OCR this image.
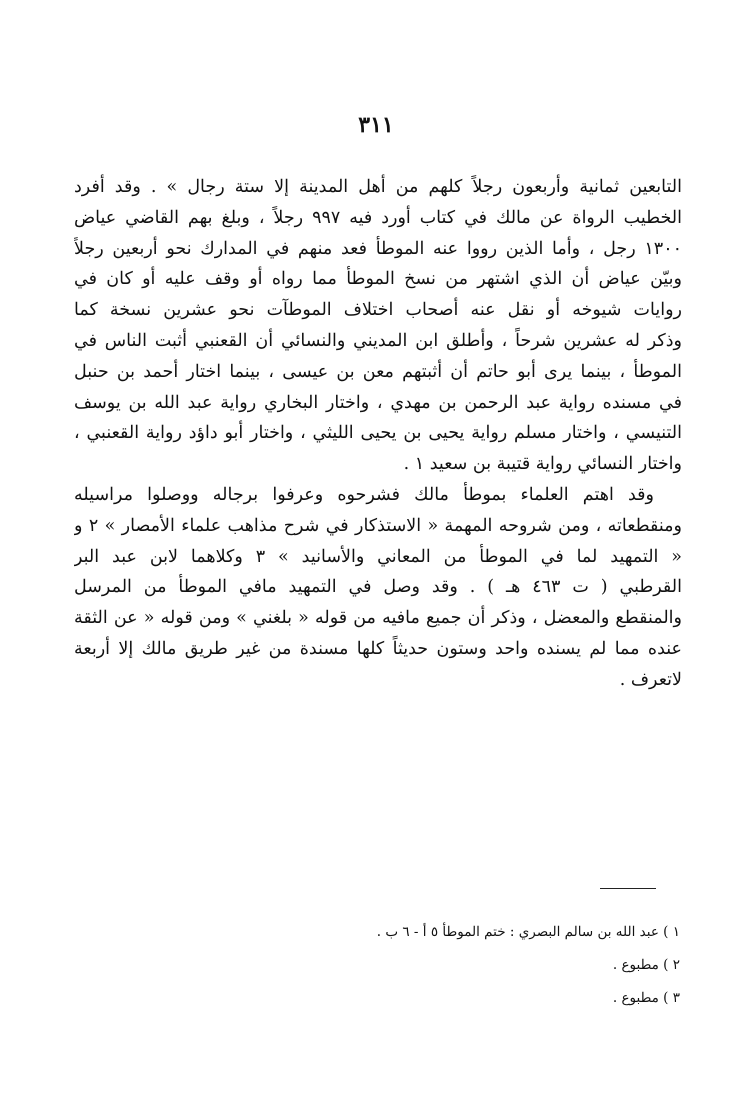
٣١١
التابعين ثمانية وأربعون رجلاً كلهم من أهل المدينة إلا ستة رجال » . وقد أفرد
الخطيب الرواة عن مالك في كتاب أورد فيه ٩٩٧ رجلاً ، وبلغ بهم القاضي عياض
١٣٠٠ رجل ، وأما الذين رووا عنه الموطأ فعد منهم في المدارك نحو أربعين رجلاً
وبيّن عياض أن الذي اشتهر من نسخ الموطأ مما رواه أو وقف عليه أو كان في
روايات شيوخه أو نقل عنه أصحاب اختلاف الموطآت نحو عشرين نسخة كما
وذكر له عشرين شرحاً ، وأطلق ابن المديني والنسائي أن القعنبي أثبت الناس في
الموطأ ، بينما يرى أبو حاتم أن أثبتهم معن بن عيسى ، بينما اختار أحمد بن حنبل
في مسنده رواية عبد الرحمن بن مهدي ، واختار البخاري رواية عبد الله بن يوسف
التنيسي ، واختار مسلم رواية يحيى بن يحيى الليثي ، واختار أبو داؤد رواية القعنبي ،
واختار النسائي رواية قتيبة بن سعيد ١ .
وقد اهتم العلماء بموطأ مالك فشرحوه وعرفوا برجاله ووصلوا مراسيله
ومنقطعاته ، ومن شروحه المهمة « الاستذكار في شرح مذاهب علماء الأمصار » ٢ و
« التمهيد لما في الموطأ من المعاني والأسانيد » ٣ وكلاهما لابن عبد البر
القرطبي ( ت ٤٦٣ هـ ) . وقد وصل في التمهيد مافي الموطأ من المرسل
والمنقطع والمعضل ، وذكر أن جميع مافيه من قوله « بلغني » ومن قوله « عن الثقة
عنده مما لم يسنده واحد وستون حديثاً كلها مسندة من غير طريق مالك إلا أربعة
لاتعرف .
١ ) عبد الله بن سالم البصري : ختم الموطأ ٥ أ - ٦ ب .
٢ ) مطبوع .
٣ ) مطبوع .
